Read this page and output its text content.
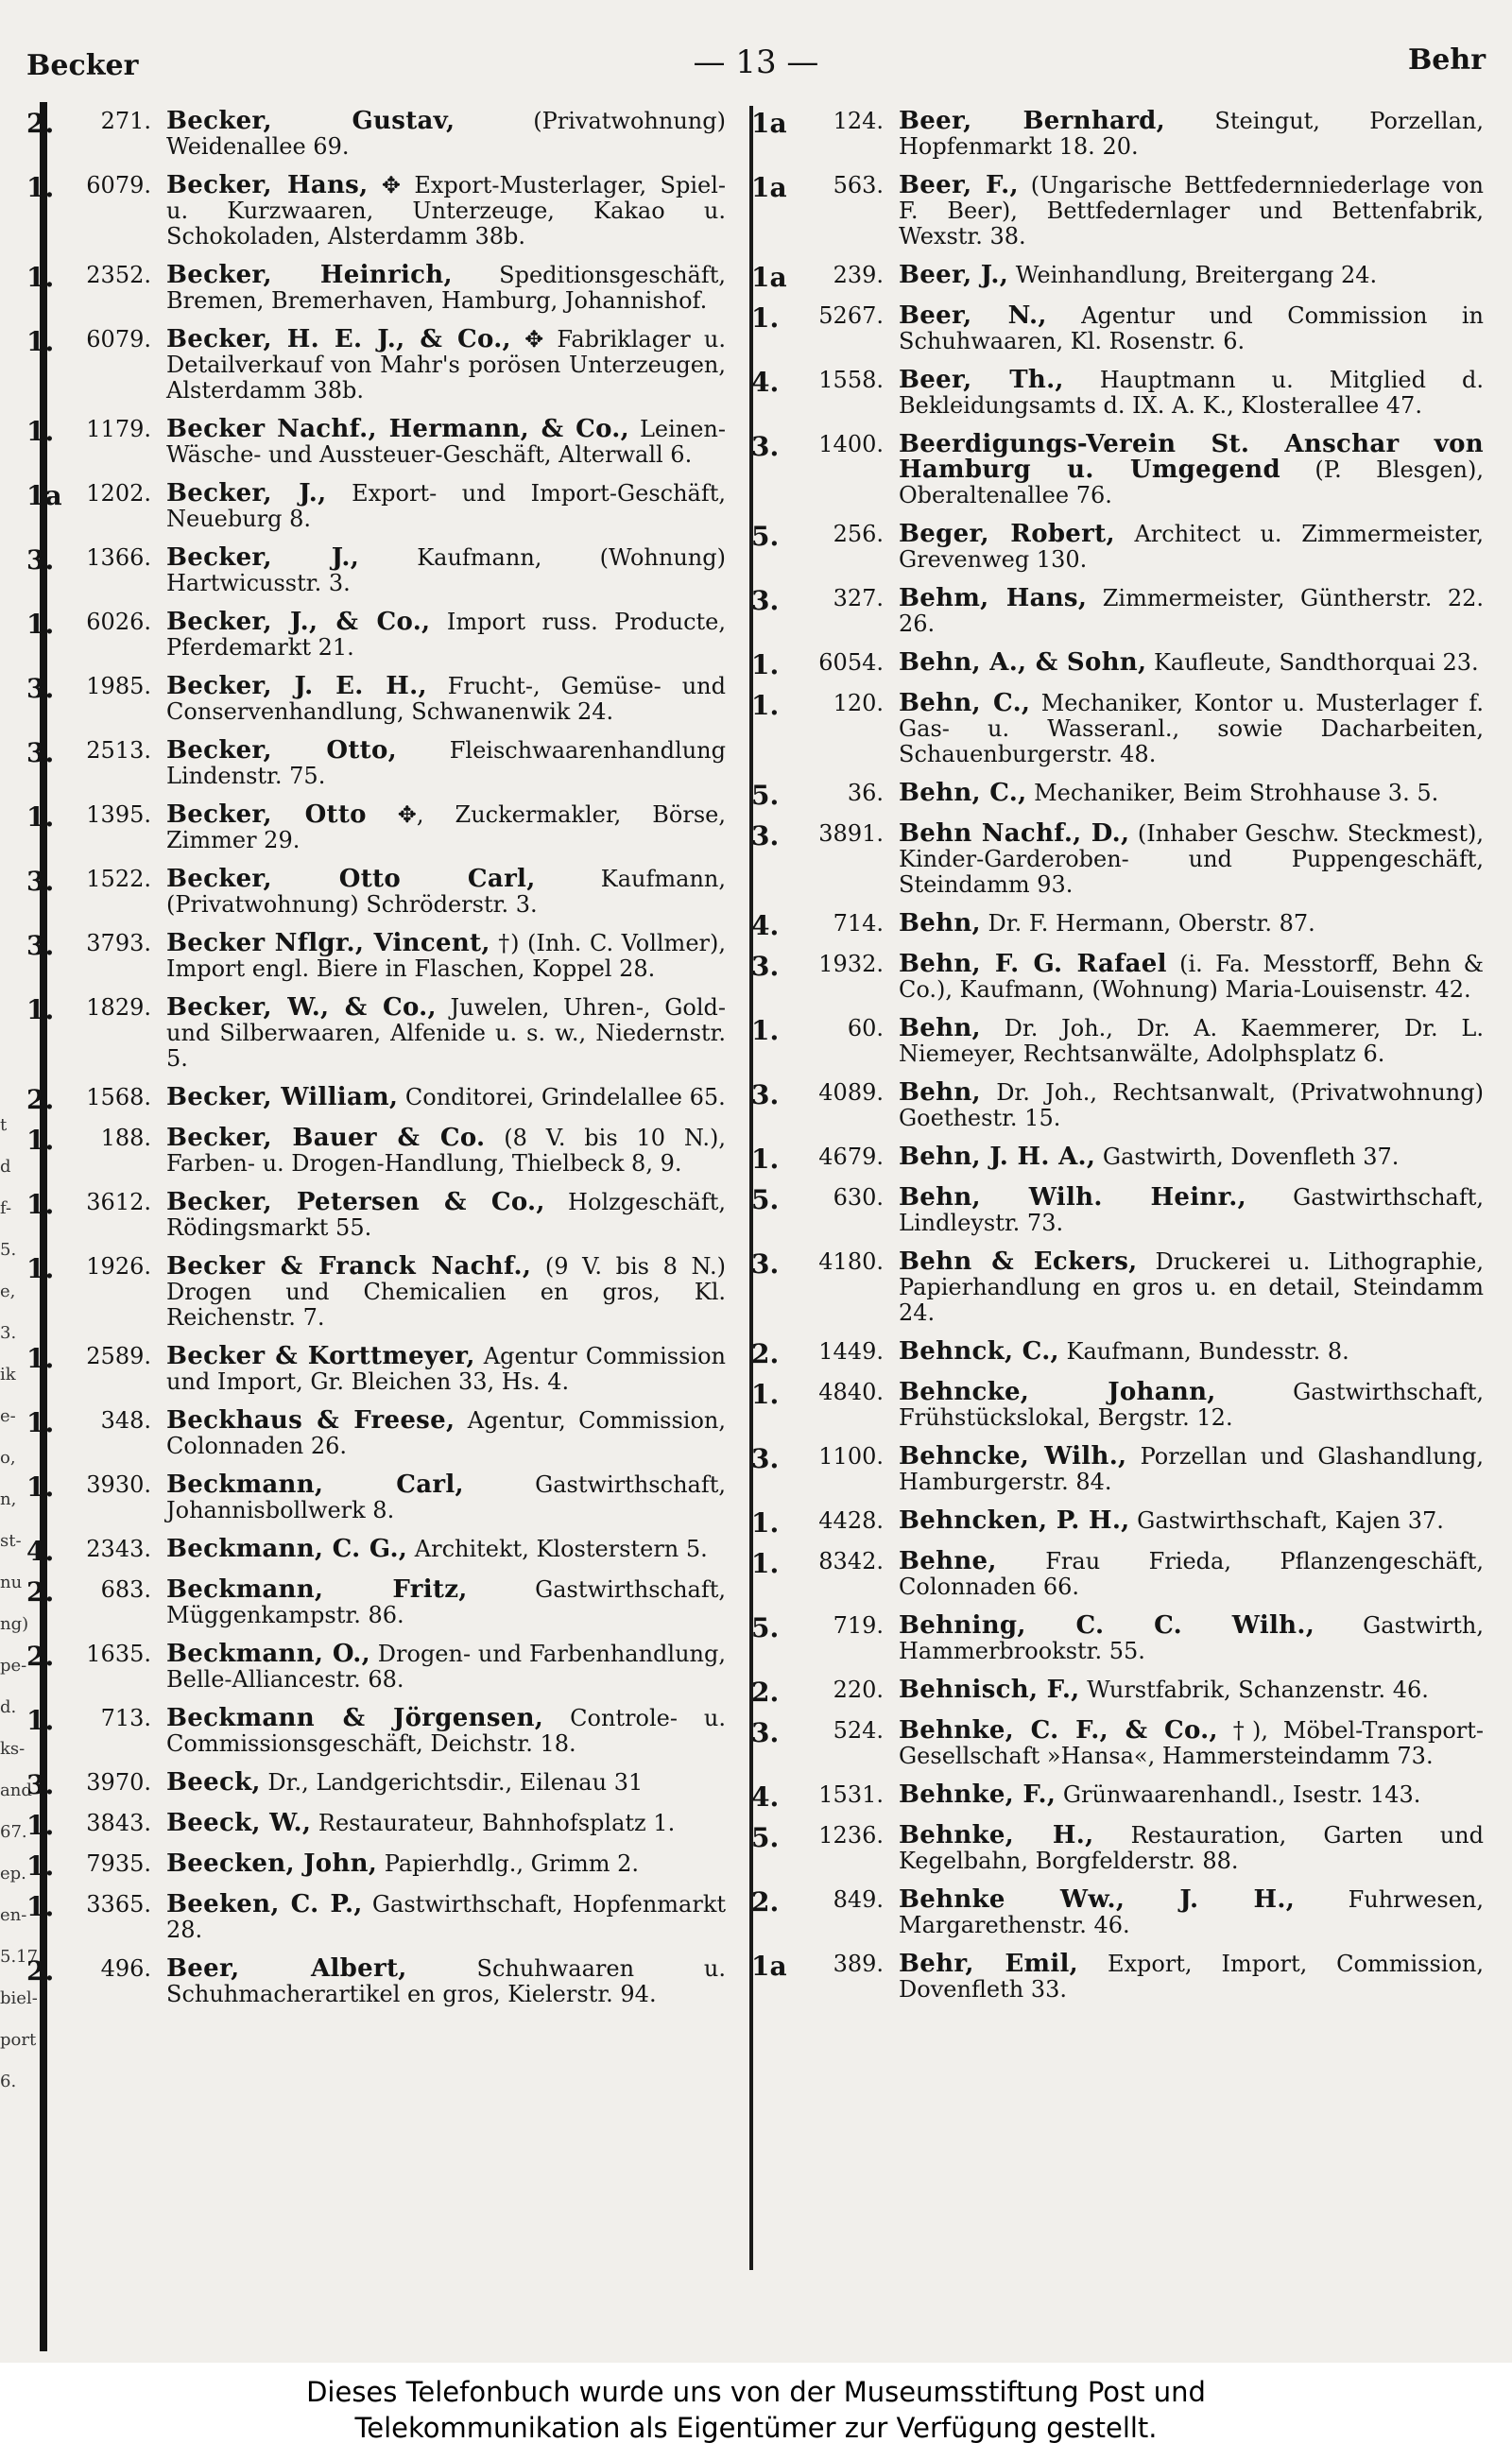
Becker	— 13 —	Behr
t
d
f-
5.
e,
3.
ik
e-
o,
n,
st-
nu
ng)
pe-
d.
ks-
and
67.
ep.
en-
5.17
biel-
port
6.
2.	271. Becker, Gustav, (Privatwohnung) Weidenallee 69.
1.	6079. Becker, Hans, ✥ Export-Musterlager, Spiel- u. Kurzwaaren, Unterzeuge, Kakao u. Schokoladen, Alsterdamm 38b.
1.	2352. Becker, Heinrich, Speditionsgeschäft, Bremen, Bremerhaven, Hamburg, Johannishof.
1.	6079. Becker, H. E. J., & Co., ✥ Fabriklager u. Detailverkauf von Mahr's porösen Unterzeugen, Alsterdamm 38b.
1.	1179. Becker Nachf., Hermann, & Co., Leinen-Wäsche- und Aussteuer-Geschäft, Alterwall 6.
1a	1202. Becker, J., Export- und Import-Geschäft, Neueburg 8.
3.	1366. Becker, J., Kaufmann, (Wohnung) Hartwicusstr. 3.
1.	6026. Becker, J., & Co., Import russ. Producte, Pferdemarkt 21.
3.	1985. Becker, J. E. H., Frucht-, Gemüse- und Conservenhandlung, Schwanenwik 24.
3.	2513. Becker, Otto, Fleischwaarenhandlung Lindenstr. 75.
1.	1395. Becker, Otto ✥, Zuckermakler, Börse, Zimmer 29.
3.	1522. Becker, Otto Carl, Kaufmann, (Privatwohnung) Schröderstr. 3.
3.	3793. Becker Nflgr., Vincent, †) (Inh. C. Vollmer), Import engl. Biere in Flaschen, Koppel 28.
1.	1829. Becker, W., & Co., Juwelen, Uhren-, Gold- und Silberwaaren, Alfenide u. s. w., Niedernstr. 5.
2.	1568. Becker, William, Conditorei, Grindelallee 65.
1.	188. Becker, Bauer & Co. (8 V. bis 10 N.), Farben- u. Drogen-Handlung, Thielbeck 8, 9.
1.	3612. Becker, Petersen & Co., Holzgeschäft, Rödingsmarkt 55.
1.	1926. Becker & Franck Nachf., (9 V. bis 8 N.) Drogen und Chemicalien en gros, Kl. Reichenstr. 7.
1.	2589. Becker & Korttmeyer, Agentur Commission und Import, Gr. Bleichen 33, Hs. 4.
1.	348. Beckhaus & Freese, Agentur, Commission, Colonnaden 26.
1.	3930. Beckmann, Carl, Gastwirthschaft, Johannisbollwerk 8.
4.	2343. Beckmann, C. G., Architekt, Klosterstern 5.
2.	683. Beckmann, Fritz, Gastwirthschaft, Müggenkampstr. 86.
2.	1635. Beckmann, O., Drogen- und Farbenhandlung, Belle-Alliancestr. 68.
1.	713. Beckmann & Jörgensen, Controle- u. Commissionsgeschäft, Deichstr. 18.
3.	3970. Beeck, Dr., Landgerichtsdir., Eilenau 31
1.	3843. Beeck, W., Restaurateur, Bahnhofsplatz 1.
1.	7935. Beecken, John, Papierhdlg., Grimm 2.
1.	3365. Beeken, C. P., Gastwirthschaft, Hopfenmarkt 28.
2.	496. Beer, Albert, Schuhwaaren u. Schuhmacherartikel en gros, Kielerstr. 94.
1a	124. Beer, Bernhard, Steingut, Porzellan, Hopfenmarkt 18. 20.
1a	563. Beer, F., (Ungarische Bettfedernniederlage von F. Beer), Bettfedernlager und Bettenfabrik, Wexstr. 38.
1a	239. Beer, J., Weinhandlung, Breitergang 24.
1.	5267. Beer, N., Agentur und Commission in Schuhwaaren, Kl. Rosenstr. 6.
4.	1558. Beer, Th., Hauptmann u. Mitglied d. Bekleidungsamts d. IX. A. K., Klosterallee 47.
3.	1400. Beerdigungs-Verein St. Anschar von Hamburg u. Umgegend (P. Blesgen), Oberaltenallee 76.
5.	256. Beger, Robert, Architect u. Zimmermeister, Grevenweg 130.
3.	327. Behm, Hans, Zimmermeister, Güntherstr. 22. 26.
1.	6054. Behn, A., & Sohn, Kaufleute, Sandthorquai 23.
1.	120. Behn, C., Mechaniker, Kontor u. Musterlager f. Gas- u. Wasseranl., sowie Dacharbeiten, Schauenburgerstr. 48.
5.	36. Behn, C., Mechaniker, Beim Strohhause 3. 5.
3.	3891. Behn Nachf., D., (Inhaber Geschw. Steckmest), Kinder-Garderoben- und Puppengeschäft, Steindamm 93.
4.	714. Behn, Dr. F. Hermann, Oberstr. 87.
3.	1932. Behn, F. G. Rafael (i. Fa. Messtorff, Behn & Co.), Kaufmann, (Wohnung) Maria-Louisenstr. 42.
1.	60. Behn, Dr. Joh., Dr. A. Kaemmerer, Dr. L. Niemeyer, Rechtsanwälte, Adolphsplatz 6.
3.	4089. Behn, Dr. Joh., Rechtsanwalt, (Privatwohnung) Goethestr. 15.
1.	4679. Behn, J. H. A., Gastwirth, Dovenfleth 37.
5.	630. Behn, Wilh. Heinr., Gastwirthschaft, Lindleystr. 73.
3.	4180. Behn & Eckers, Druckerei u. Lithographie, Papierhandlung en gros u. en detail, Steindamm 24.
2.	1449. Behnck, C., Kaufmann, Bundesstr. 8.
1.	4840. Behncke, Johann, Gastwirthschaft, Frühstückslokal, Bergstr. 12.
3.	1100. Behncke, Wilh., Porzellan und Glashandlung, Hamburgerstr. 84.
1.	4428. Behncken, P. H., Gastwirthschaft, Kajen 37.
1.	8342. Behne, Frau Frieda, Pflanzengeschäft, Colonnaden 66.
5.	719. Behning, C. C. Wilh., Gastwirth, Hammerbrookstr. 55.
2.	220. Behnisch, F., Wurstfabrik, Schanzenstr. 46.
3.	524. Behnke, C. F., & Co., †), Möbel-Transport-Gesellschaft »Hansa«, Hammersteindamm 73.
4.	1531. Behnke, F., Grünwaarenhandl., Isestr. 143.
5.	1236. Behnke, H., Restauration, Garten und Kegelbahn, Borgfelderstr. 88.
2.	849. Behnke Ww., J. H., Fuhrwesen, Margarethenstr. 46.
1a	389. Behr, Emil, Export, Import, Commission, Dovenfleth 33.
Dieses Telefonbuch wurde uns von der Museumsstiftung Post und
Telekommunikation als Eigentümer zur Verfügung gestellt.
